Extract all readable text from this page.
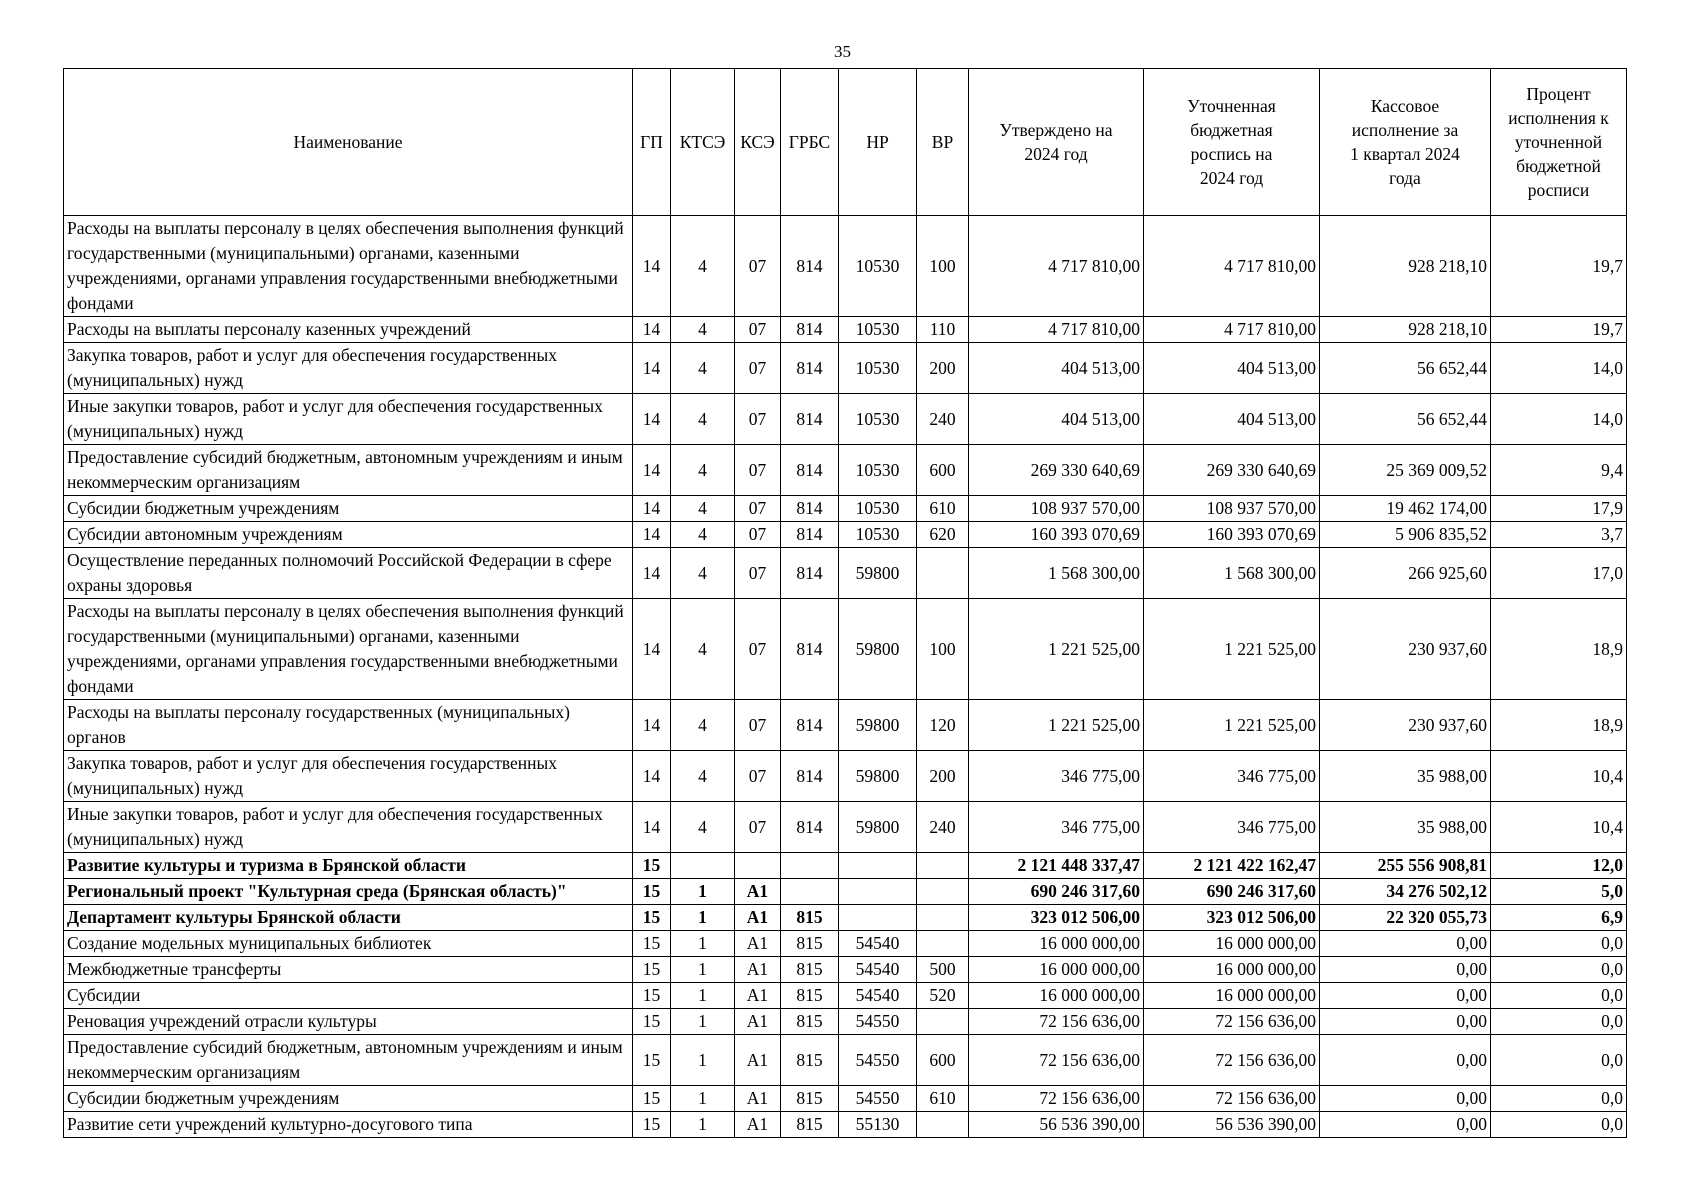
35
Наименование	ГП	КТСЭ	КСЭ	ГРБС	НР	ВР	Утверждено на 2024 год	Уточненная бюджетная роспись на 2024 год	Кассовое исполнение за 1 квартал 2024 года	Процент исполнения к уточненной бюджетной росписи
Расходы на выплаты персоналу в целях обеспечения выполнения функций государственными (муниципальными) органами, казенными учреждениями, органами управления государственными внебюджетными фондами	14	4	07	814	10530	100	4 717 810,00	4 717 810,00	928 218,10	19,7
Расходы на выплаты персоналу казенных учреждений	14	4	07	814	10530	110	4 717 810,00	4 717 810,00	928 218,10	19,7
Закупка товаров, работ и услуг для обеспечения государственных (муниципальных) нужд	14	4	07	814	10530	200	404 513,00	404 513,00	56 652,44	14,0
Иные закупки товаров, работ и услуг для обеспечения государственных (муниципальных) нужд	14	4	07	814	10530	240	404 513,00	404 513,00	56 652,44	14,0
Предоставление субсидий бюджетным, автономным учреждениям и иным некоммерческим организациям	14	4	07	814	10530	600	269 330 640,69	269 330 640,69	25 369 009,52	9,4
Субсидии бюджетным учреждениям	14	4	07	814	10530	610	108 937 570,00	108 937 570,00	19 462 174,00	17,9
Субсидии автономным учреждениям	14	4	07	814	10530	620	160 393 070,69	160 393 070,69	5 906 835,52	3,7
Осуществление переданных полномочий Российской Федерации в сфере охраны здоровья	14	4	07	814	59800		1 568 300,00	1 568 300,00	266 925,60	17,0
Расходы на выплаты персоналу в целях обеспечения выполнения функций государственными (муниципальными) органами, казенными учреждениями, органами управления государственными внебюджетными фондами	14	4	07	814	59800	100	1 221 525,00	1 221 525,00	230 937,60	18,9
Расходы на выплаты персоналу государственных (муниципальных) органов	14	4	07	814	59800	120	1 221 525,00	1 221 525,00	230 937,60	18,9
Закупка товаров, работ и услуг для обеспечения государственных (муниципальных) нужд	14	4	07	814	59800	200	346 775,00	346 775,00	35 988,00	10,4
Иные закупки товаров, работ и услуг для обеспечения государственных (муниципальных) нужд	14	4	07	814	59800	240	346 775,00	346 775,00	35 988,00	10,4
Развитие культуры и туризма в Брянской области	15						2 121 448 337,47	2 121 422 162,47	255 556 908,81	12,0
Региональный проект "Культурная среда (Брянская область)"	15	1	А1				690 246 317,60	690 246 317,60	34 276 502,12	5,0
Департамент культуры Брянской области	15	1	А1	815			323 012 506,00	323 012 506,00	22 320 055,73	6,9
Создание модельных муниципальных библиотек	15	1	А1	815	54540		16 000 000,00	16 000 000,00	0,00	0,0
Межбюджетные трансферты	15	1	А1	815	54540	500	16 000 000,00	16 000 000,00	0,00	0,0
Субсидии	15	1	А1	815	54540	520	16 000 000,00	16 000 000,00	0,00	0,0
Реновация учреждений отрасли культуры	15	1	А1	815	54550		72 156 636,00	72 156 636,00	0,00	0,0
Предоставление субсидий бюджетным, автономным учреждениям и иным некоммерческим организациям	15	1	А1	815	54550	600	72 156 636,00	72 156 636,00	0,00	0,0
Субсидии бюджетным учреждениям	15	1	А1	815	54550	610	72 156 636,00	72 156 636,00	0,00	0,0
Развитие сети учреждений культурно-досугового типа	15	1	А1	815	55130		56 536 390,00	56 536 390,00	0,00	0,0
